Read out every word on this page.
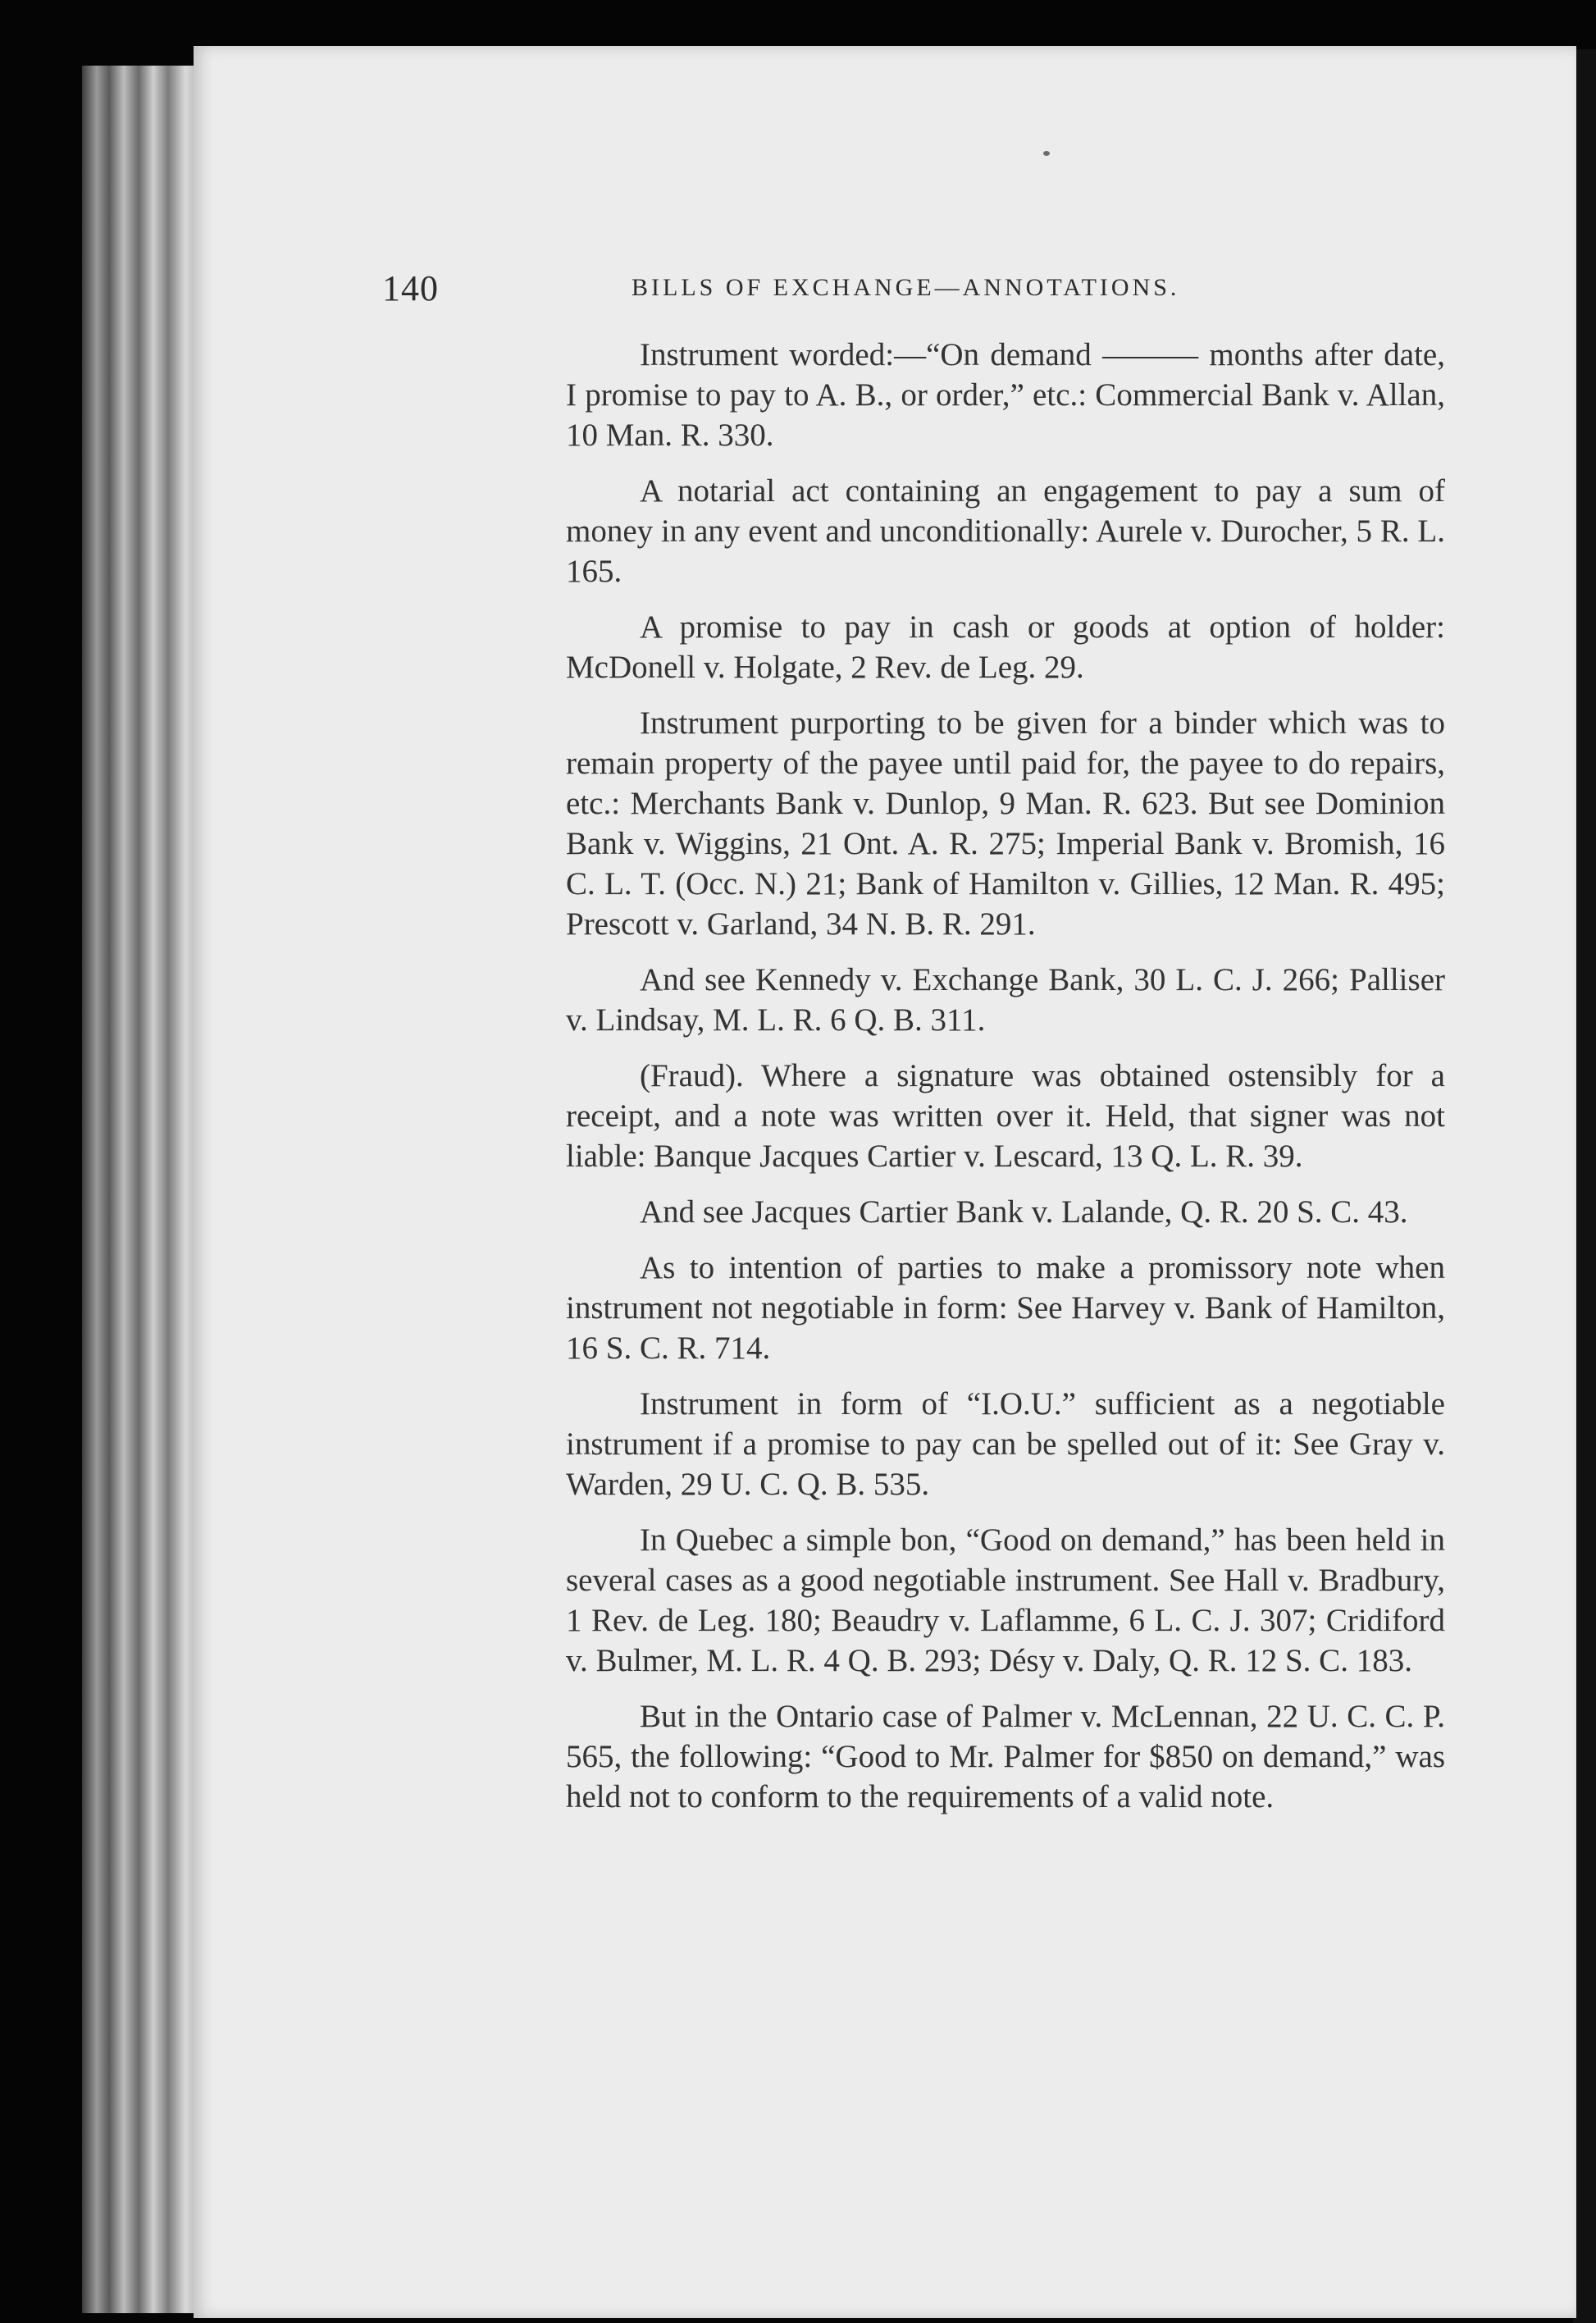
140	BILLS OF EXCHANGE—ANNOTATIONS.

Instrument worded:—“On demand ——— months after date, I promise to pay to A. B., or order,” etc.: Commercial Bank v. Allan, 10 Man. R. 330.

A notarial act containing an engagement to pay a sum of money in any event and unconditionally: Aurele v. Durocher, 5 R. L. 165.

A promise to pay in cash or goods at option of holder: McDonell v. Holgate, 2 Rev. de Leg. 29.

Instrument purporting to be given for a binder which was to remain property of the payee until paid for, the payee to do repairs, etc.: Merchants Bank v. Dunlop, 9 Man. R. 623. But see Dominion Bank v. Wiggins, 21 Ont. A. R. 275; Imperial Bank v. Bromish, 16 C. L. T. (Occ. N.) 21; Bank of Hamilton v. Gillies, 12 Man. R. 495; Prescott v. Garland, 34 N. B. R. 291.

And see Kennedy v. Exchange Bank, 30 L. C. J. 266; Palliser v. Lindsay, M. L. R. 6 Q. B. 311.

(Fraud). Where a signature was obtained ostensibly for a receipt, and a note was written over it. Held, that signer was not liable: Banque Jacques Cartier v. Lescard, 13 Q. L. R. 39.

And see Jacques Cartier Bank v. Lalande, Q. R. 20 S. C. 43.

As to intention of parties to make a promissory note when instrument not negotiable in form: See Harvey v. Bank of Hamilton, 16 S. C. R. 714.

Instrument in form of “I.O.U.” sufficient as a negotiable instrument if a promise to pay can be spelled out of it: See Gray v. Warden, 29 U. C. Q. B. 535.

In Quebec a simple bon, “Good on demand,” has been held in several cases as a good negotiable instrument. See Hall v. Bradbury, 1 Rev. de Leg. 180; Beaudry v. Laflamme, 6 L. C. J. 307; Cridiford v. Bulmer, M. L. R. 4 Q. B. 293; Désy v. Daly, Q. R. 12 S. C. 183.

But in the Ontario case of Palmer v. McLennan, 22 U. C. C. P. 565, the following: “Good to Mr. Palmer for $850 on demand,” was held not to conform to the requirements of a valid note.
